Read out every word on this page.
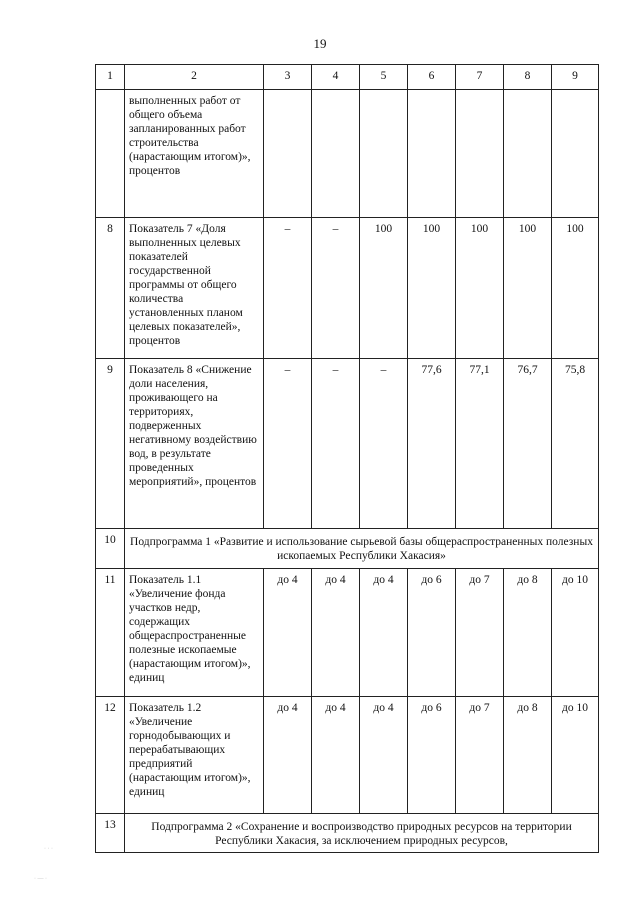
19
1	2	3	4	5	6	7	8	9
	выполненных работ от общего объема запланированных работ строительства (нарастающим итогом)», процентов							
8	Показатель 7 «Доля выполненных целевых показателей государственной программы от общего количества установленных планом целевых показателей», процентов	–	–	100	100	100	100	100
9	Показатель 8 «Снижение доли населения, проживающего на территориях, подверженных негативному воздействию вод, в результате проведенных мероприятий», процентов	–	–	–	77,6	77,1	76,7	75,8
10	Подпрограмма 1 «Развитие и использование сырьевой базы общераспространенных полезных ископаемых Республики Хакасия»							
11	Показатель 1.1 «Увеличение фонда участков недр, содержащих общераспространенные полезные ископаемые (нарастающим итогом)», единиц	до 4	до 4	до 4	до 6	до 7	до 8	до 10
12	Показатель 1.2 «Увеличение горнодобывающих и перерабатывающих предприятий (нарастающим итогом)», единиц	до 4	до 4	до 4	до 6	до 7	до 8	до 10
13	Подпрограмма 2 «Сохранение и воспроизводство природных ресурсов на территории Республики Хакасия, за исключением природных ресурсов,							
· · ·
· — ·
